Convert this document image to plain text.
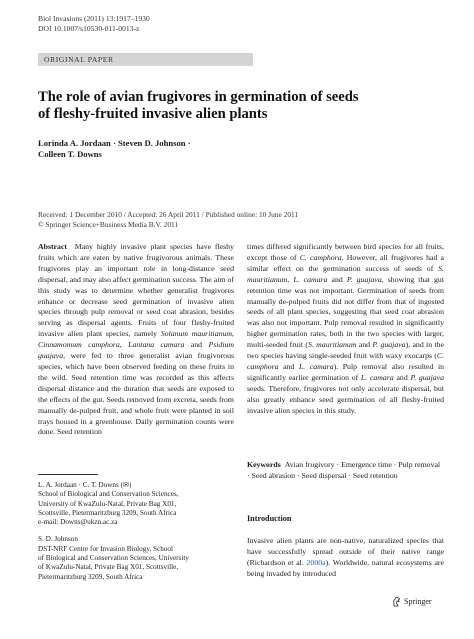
Biol Invasions (2011) 13:1917–1930
DOI 10.1007/s10530-011-0013-z
ORIGINAL PAPER
The role of avian frugivores in germination of seeds
of fleshy-fruited invasive alien plants
Lorinda A. Jordaan · Steven D. Johnson ·
Colleen T. Downs
Received: 1 December 2010 / Accepted: 26 April 2011 / Published online: 10 June 2011
© Springer Science+Business Media B.V. 2011
Abstract Many highly invasive plant species have fleshy fruits which are eaten by native frugivorous animals. These frugivores play an important role in long-distance seed dispersal, and may also affect germination success. The aim of this study was to determine whether generalist frugivores enhance or decrease seed germination of invasive alien species through pulp removal or seed coat abrasion, besides serving as dispersal agents. Fruits of four fleshy-fruited invasive alien plant species, namely Solanum mauritianum, Cinnamomum camphora, Lantana camara and Psidium guajava, were fed to three generalist avian frugivorous species, which have been observed feeding on these fruits in the wild. Seed retention time was recorded as this affects dispersal distance and the duration that seeds are exposed to the effects of the gut. Seeds removed from excreta, seeds from manually de-pulped fruit, and whole fruit were planted in soil trays housed in a greenhouse. Daily germination counts were done. Seed retention
times differed significantly between bird species for all fruits, except those of C. camphora. However, all frugivores had a similar effect on the germination success of seeds of S. mauritianum, L. camara and P. guajava, showing that gut retention time was not important. Germination of seeds from manually de-pulped fruits did not differ from that of ingested seeds of all plant species, suggesting that seed coat abrasion was also not important. Pulp removal resulted in significantly higher germination rates, both in the two species with larger, multi-seeded fruit (S. mauritianum and P. guajava), and in the two species having single-seeded fruit with waxy exocarps (C. camphora and L. camara). Pulp removal also resulted in significantly earlier germination of L. camara and P. guajava seeds. Therefore, frugivores not only accelerate dispersal, but also greatly enhance seed germination of all fleshy-fruited invasive alien species in this study.
Keywords Avian frugivory · Emergence time · Pulp removal · Seed abrasion · Seed dispersal · Seed retention

L. A. Jordaan · C. T. Downs (✉)

School of Biological and Conservation Sciences,

University of KwaZulu-Natal, Private Bag X01,

Scottsville, Pietermaritzburg 3209, South Africa

e-mail: Downs@ukzn.ac.za

S. D. Johnson

DST-NRF Centre for Invasion Biology, School

of Biological and Conservation Sciences, University

of KwaZulu-Natal, Private Bag X01, Scottsville,

Pietermaritzburg 3209, South Africa

Introduction
Invasive alien plants are non-native, naturalized species that have successfully spread outside of their native range (Richardson et al. 2000a). Worldwide, natural ecosystems are being invaded by introduced
Springer
